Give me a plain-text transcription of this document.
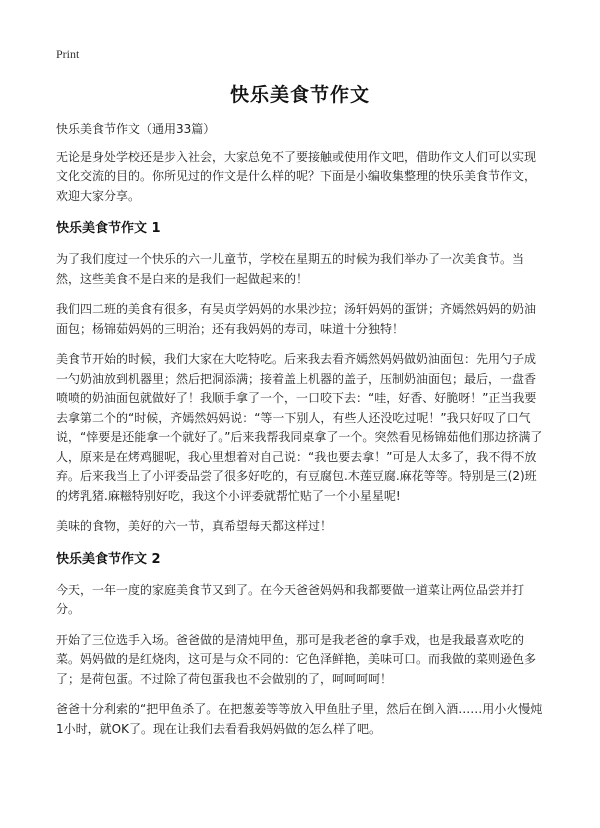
Print
快乐美食节作文
快乐美食节作文（通用33篇）
无论是身处学校还是步入社会，大家总免不了要接触或使用作文吧，借助作文人们可以实现文化交流的目的。你所见过的作文是什么样的呢？下面是小编收集整理的快乐美食节作文，欢迎大家分享。
快乐美食节作文 1
为了我们度过一个快乐的六一儿童节，学校在星期五的时候为我们举办了一次美食节。当然，这些美食不是白来的是我们一起做起来的！
我们四二班的美食有很多，有吴贞学妈妈的水果沙拉；汤轩妈妈的蛋饼；齐嫣然妈妈的奶油面包；杨锦茹妈妈的三明治；还有我妈妈的寿司，味道十分独特！
美食节开始的时候，我们大家在大吃特吃。后来我去看齐嫣然妈妈做奶油面包：先用勺子成一勺奶油放到机器里；然后把洞添满；接着盖上机器的盖子，压制奶油面包；最后，一盘香喷喷的奶油面包就做好了！我顺手拿了一个，一口咬下去：“哇，好香、好脆呀！”正当我要去拿第二个的“时候，齐嫣然妈妈说：“等一下别人，有些人还没吃过呢！”我只好叹了口气说，“悻要是还能拿一个就好了。”后来我帮我同桌拿了一个。突然看见杨锦茹他们那边挤满了人，原来是在烤鸡腿呢，我心里想着对自己说：“我也要去拿！”可是人太多了，我不得不放弃。后来我当上了小评委品尝了很多好吃的，有豆腐包.木莲豆腐.麻花等等。特别是三(2)班的烤乳猪.麻糍特别好吃，我这个小评委就帮忙贴了一个小星星呢!
美味的食物，美好的六一节，真希望每天都这样过！
快乐美食节作文 2
今天，一年一度的家庭美食节又到了。在今天爸爸妈妈和我都要做一道菜让两位品尝并打分。
开始了三位选手入场。爸爸做的是清炖甲鱼，那可是我老爸的拿手戏，也是我最喜欢吃的菜。妈妈做的是红烧肉，这可是与众不同的：它色泽鲜艳，美味可口。而我做的菜则逊色多了；是荷包蛋。不过除了荷包蛋我也不会做别的了，呵呵呵呵！
爸爸十分利索的“把甲鱼杀了。在把葱姜等等放入甲鱼肚子里，然后在倒入酒……用小火慢炖1小时，就OK了。现在让我们去看看我妈妈做的怎么样了吧。
